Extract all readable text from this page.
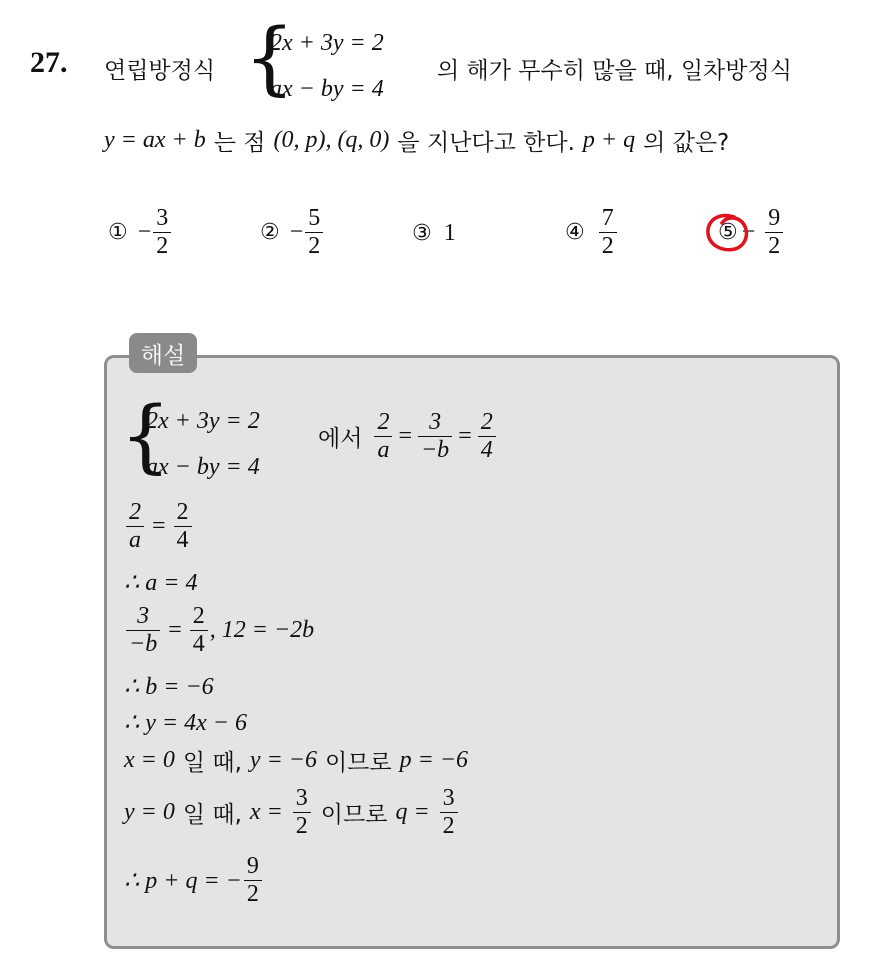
27. 연립방정식 {
2x + 3y = 2
ax − by = 4
의 해가 무수히 많을 때, 일차방정식
y = ax + b 는 점 (0, p), (q, 0) 을 지난다고 한다. p + q 의 값은?
① − $\frac{3}{2}$	② − $\frac{5}{2}$	③ 1	④ $\frac{7}{2}$	⑤ − $\frac{9}{2}$
해설
{
2x + 3y = 2
ax − by = 4
에서 $\frac{2}{a} = \frac{3}{-b} = \frac{2}{4}$
$\frac{2}{a} = \frac{2}{4}$
∴ a = 4
$\frac{3}{-b} = \frac{2}{4}$ , 12 = −2b
∴ b = −6
∴ y = 4x − 6
x = 0 일 때, y = −6 이므로 p = −6
y = 0 일 때, $x = \frac{3}{2}$ 이므로 $q = \frac{3}{2}$
∴ p + q = − $\frac{9}{2}$
